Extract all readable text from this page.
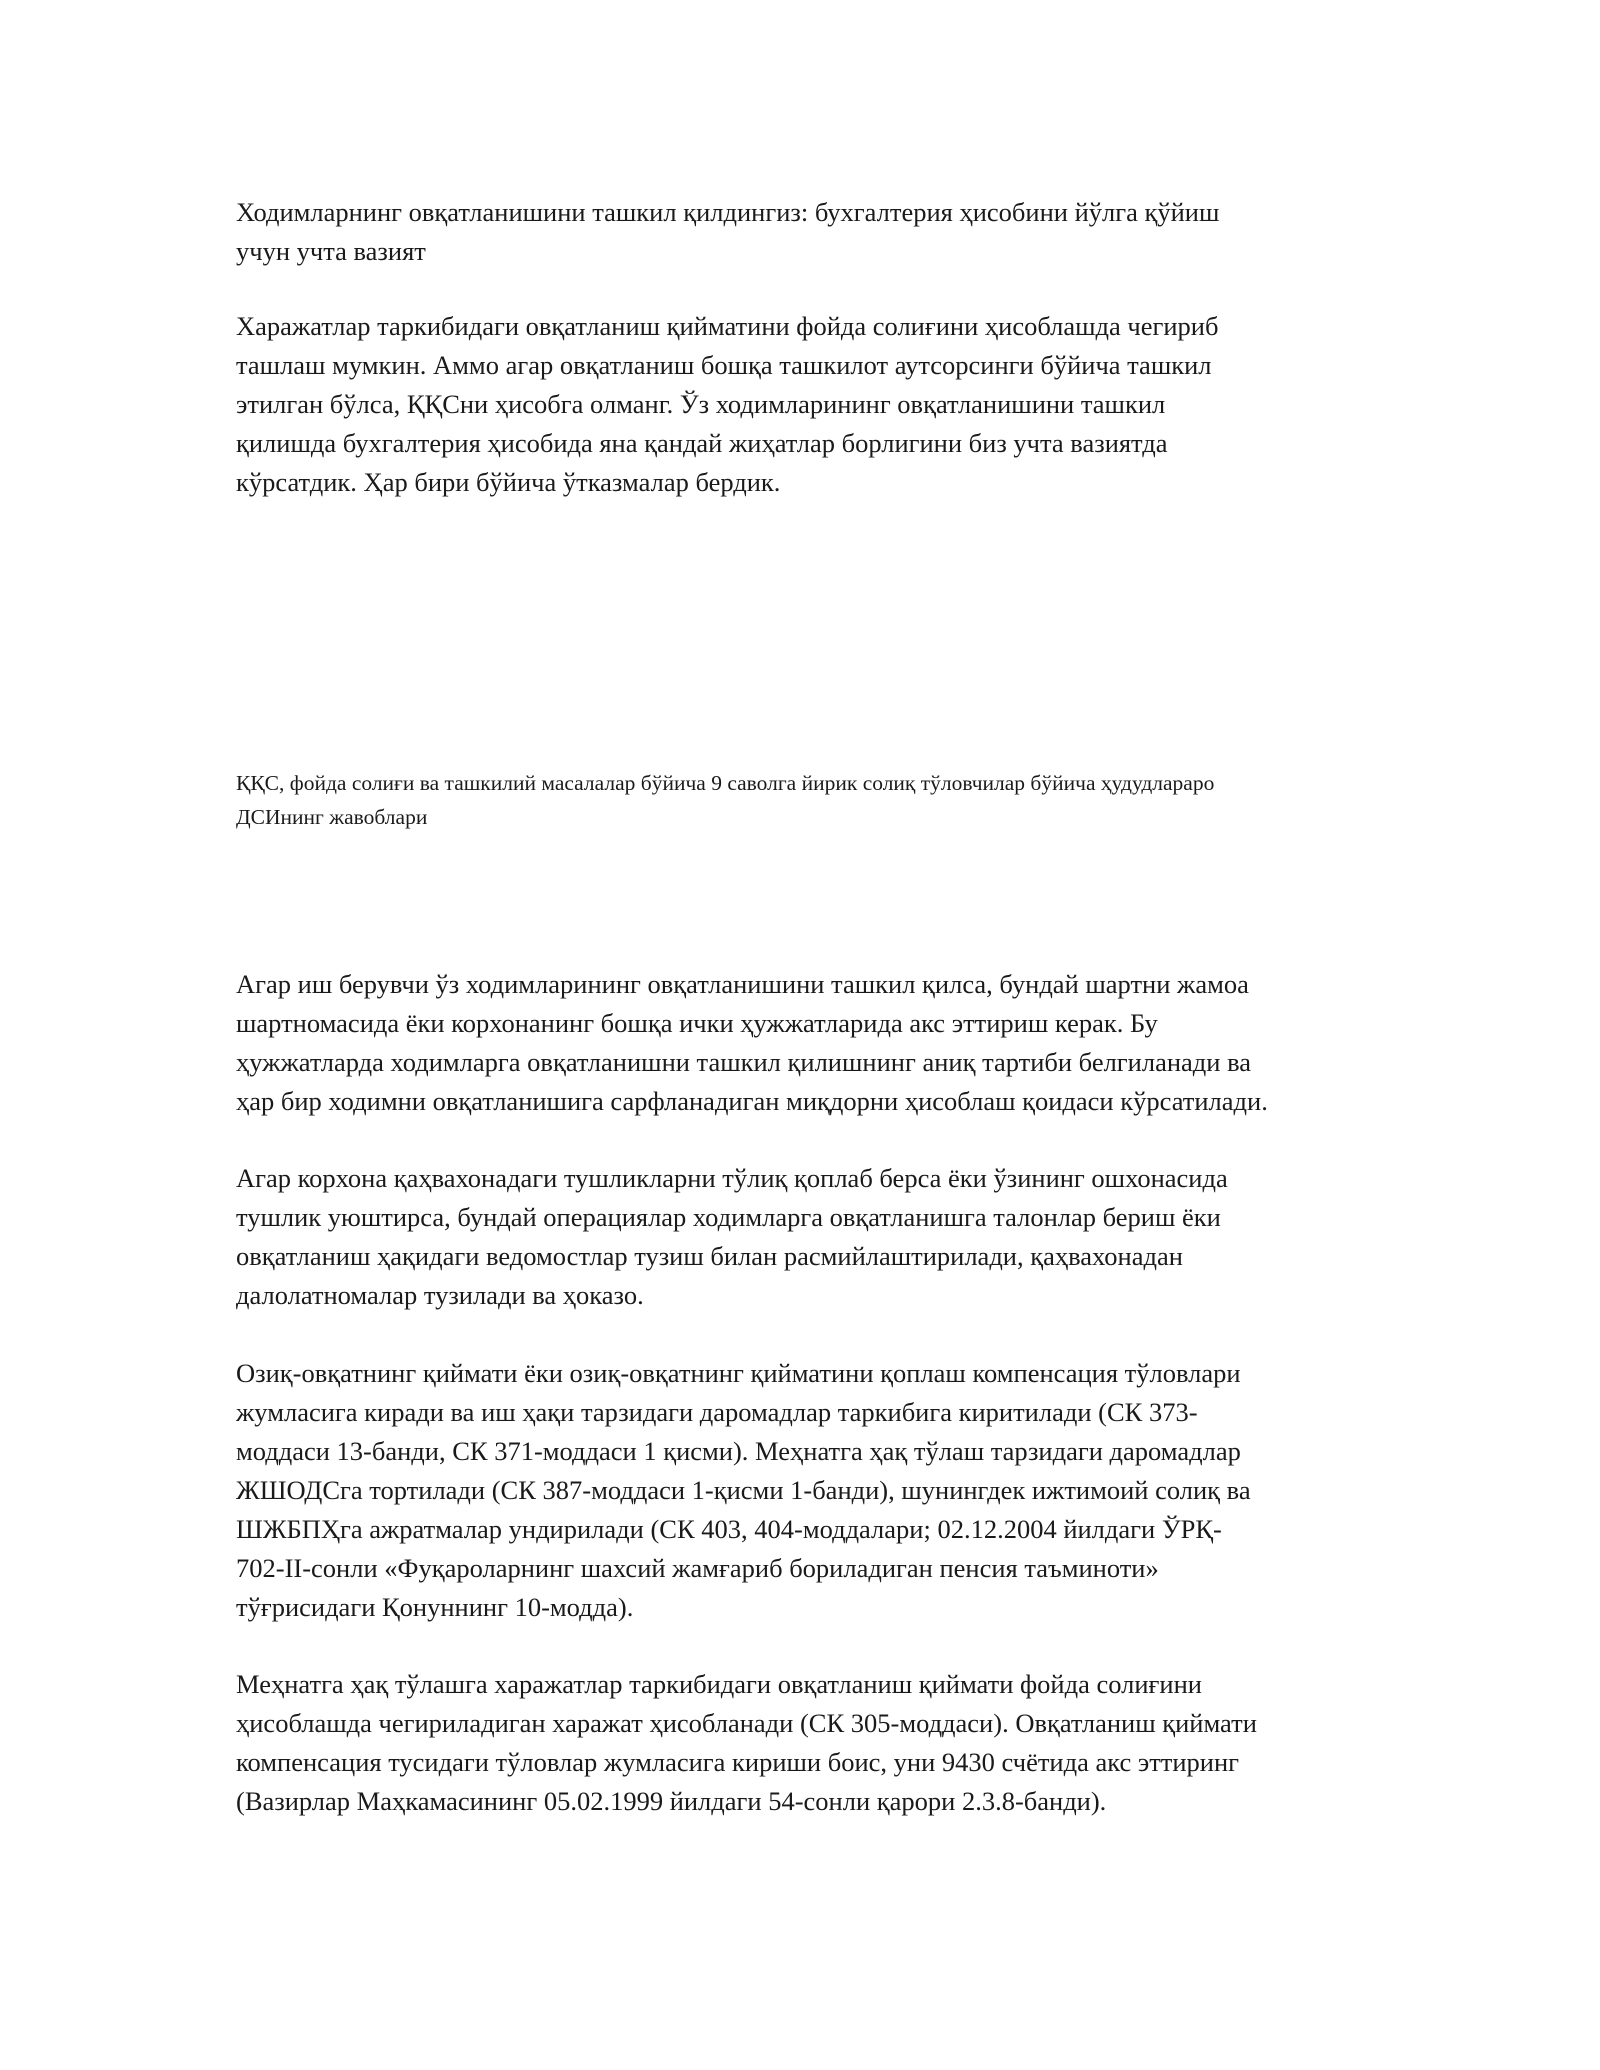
Ходимларнинг овқатланишини ташкил қилдингиз: бухгалтерия ҳисобини йўлга қўйиш
учун учта вазият

Харажатлар таркибидаги овқатланиш қийматини фойда солиғини ҳисоблашда чегириб
ташлаш мумкин. Аммо агар овқатланиш бошқа ташкилот аутсорсинги бўйича ташкил
этилган бўлса, ҚҚСни ҳисобга олманг. Ўз ходимларининг овқатланишини ташкил
қилишда бухгалтерия ҳисобида яна қандай жиҳатлар борлигини биз учта вазиятда
кўрсатдик. Ҳар бири бўйича ўтказмалар бердик.

ҚҚС, фойда солиғи ва ташкилий масалалар бўйича 9 саволга йирик солиқ тўловчилар бўйича ҳудудлараро
ДСИнинг жавоблари

Агар иш берувчи ўз ходимларининг овқатланишини ташкил қилса, бундай шартни жамоа
шартномасида ёки корхонанинг бошқа ички ҳужжатларида акс эттириш керак. Бу
ҳужжатларда ходимларга овқатланишни ташкил қилишнинг аниқ тартиби белгиланади ва
ҳар бир ходимни овқатланишига сарфланадиган миқдорни ҳисоблаш қоидаси кўрсатилади.

Агар корхона қаҳвахонадаги тушликларни тўлиқ қоплаб берса ёки ўзининг ошхонасида
тушлик уюштирса, бундай операциялар ходимларга овқатланишга талонлар бериш ёки
овқатланиш ҳақидаги ведомостлар тузиш билан расмийлаштирилади, қаҳвахонадан
далолатномалар тузилади ва ҳоказо.

Озиқ-овқатнинг қиймати ёки озиқ-овқатнинг қийматини қоплаш компенсация тўловлари
жумласига киради ва иш ҳақи тарзидаги даромадлар таркибига киритилади (СК 373-
моддаси 13-банди, СК 371-моддаси 1 қисми). Меҳнатга ҳақ тўлаш тарзидаги даромадлар
ЖШОДСга тортилади (СК 387-моддаси 1-қисми 1-банди), шунингдек ижтимоий солиқ ва
ШЖБПҲга ажратмалар ундирилади (СК 403, 404-моддалари; 02.12.2004 йилдаги ЎРҚ-
702-II-сонли «Фуқароларнинг шахсий жамғариб бориладиган пенсия таъминоти»
тўғрисидаги Қонуннинг 10-модда).

Меҳнатга ҳақ тўлашга харажатлар таркибидаги овқатланиш қиймати фойда солиғини
ҳисоблашда чегириладиган харажат ҳисобланади (СК 305-моддаси). Овқатланиш қиймати
компенсация тусидаги тўловлар жумласига кириши боис, уни 9430 счётида акс эттиринг
(Вазирлар Маҳкамасининг 05.02.1999 йилдаги 54-сонли қарори 2.3.8-банди).
